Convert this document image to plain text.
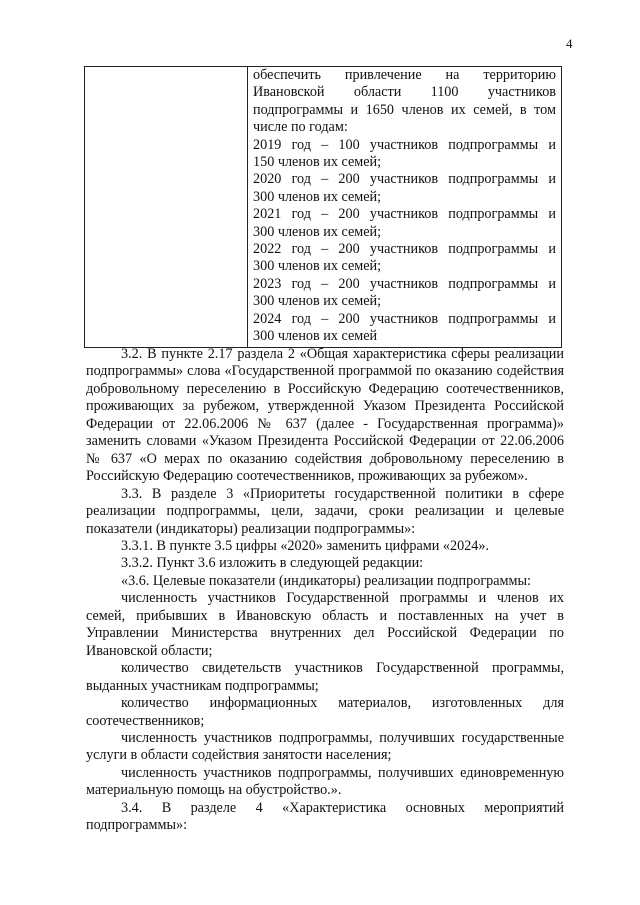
4

обеспечить привлечение на территорию
Ивановской области 1100 участников
подпрограммы и 1650 членов их семей, в том
числе по годам:
2019 год – 100 участников подпрограммы и
150 членов их семей;
2020 год – 200 участников подпрограммы и
300 членов их семей;
2021 год – 200 участников подпрограммы и
300 членов их семей;
2022 год – 200 участников подпрограммы и
300 членов их семей;
2023 год – 200 участников подпрограммы и
300 членов их семей;
2024 год – 200 участников подпрограммы и
300 членов их семей

3.2. В пункте 2.17 раздела 2 «Общая характеристика сферы реализации подпрограммы» слова «Государственной программой по оказанию содействия добровольному переселению в Российскую Федерацию соотечественников, проживающих за рубежом, утвержденной Указом Президента Российской Федерации от 22.06.2006 № 637 (далее - Государственная программа)» заменить словами «Указом Президента Российской Федерации от 22.06.2006 № 637 «О мерах по оказанию содействия добровольному переселению в Российскую Федерацию соотечественников, проживающих за рубежом».

3.3. В разделе 3 «Приоритеты государственной политики в сфере реализации подпрограммы, цели, задачи, сроки реализации и целевые показатели (индикаторы) реализации подпрограммы»:

3.3.1. В пункте 3.5 цифры «2020» заменить цифрами «2024».

3.3.2. Пункт 3.6 изложить в следующей редакции:

«3.6. Целевые показатели (индикаторы) реализации подпрограммы:

численность участников Государственной программы и членов их семей, прибывших в Ивановскую область и поставленных на учет в Управлении Министерства внутренних дел Российской Федерации по Ивановской области;

количество свидетельств участников Государственной программы, выданных участникам подпрограммы;

количество информационных материалов, изготовленных для соотечественников;

численность участников подпрограммы, получивших государственные услуги в области содействия занятости населения;

численность участников подпрограммы, получивших единовременную материальную помощь на обустройство.».

3.4. В разделе 4 «Характеристика основных мероприятий подпрограммы»:
